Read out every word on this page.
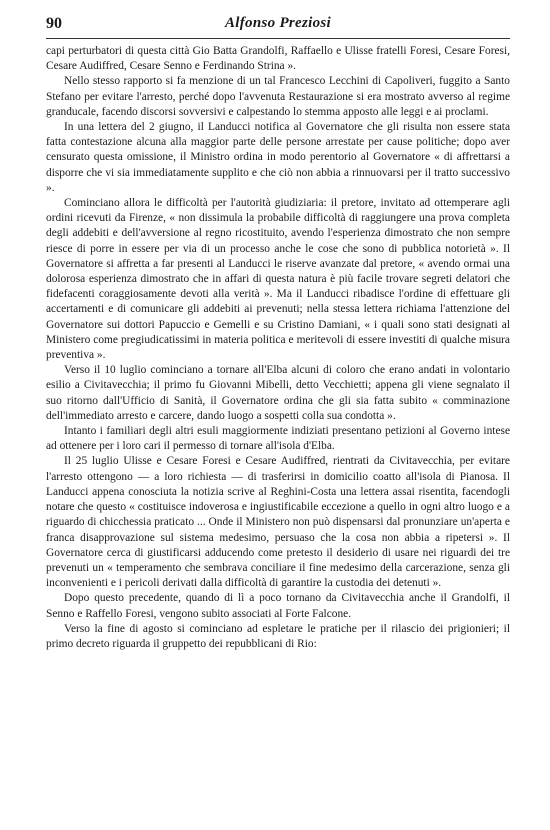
90	Alfonso Preziosi

capi perturbatori di questa città Gio Batta Grandolfi, Raffaello e Ulisse fratelli Foresi, Cesare Foresi, Cesare Audiffred, Cesare Senno e Ferdinando Strina ».

Nello stesso rapporto si fa menzione di un tal Francesco Lecchini di Capoliveri, fuggito a Santo Stefano per evitare l'arresto, perché dopo l'avvenuta Restaurazione si era mostrato avverso al regime granducale, facendo discorsi sovversivi e calpestando lo stemma apposto alle leggi e ai proclami.

In una lettera del 2 giugno, il Landucci notifica al Governatore che gli risulta non essere stata fatta contestazione alcuna alla maggior parte delle persone arrestate per cause politiche; dopo aver censurato questa omissione, il Ministro ordina in modo perentorio al Governatore « di affrettarsi a disporre che vi sia immediatamente supplito e che ciò non abbia a rinnuovarsi per il tratto successivo ».

Cominciano allora le difficoltà per l'autorità giudiziaria: il pretore, invitato ad ottemperare agli ordini ricevuti da Firenze, « non dissimula la probabile difficoltà di raggiungere una prova completa degli addebiti e dell'avversione al regno ricostituito, avendo l'esperienza dimostrato che non sempre riesce di porre in essere per via di un processo anche le cose che sono di pubblica notorietà ». Il Governatore si affretta a far presenti al Landucci le riserve avanzate dal pretore, « avendo ormai una dolorosa esperienza dimostrato che in affari di questa natura è più facile trovare segreti delatori che fidefacenti coraggiosamente devoti alla verità ». Ma il Landucci ribadisce l'ordine di effettuare gli accertamenti e di comunicare gli addebiti ai prevenuti; nella stessa lettera richiama l'attenzione del Governatore sui dottori Papuccio e Gemelli e su Cristino Damiani, « i quali sono stati designati al Ministero come pregiudicatissimi in materia politica e meritevoli di essere investiti di qualche misura preventiva ».

Verso il 10 luglio cominciano a tornare all'Elba alcuni di coloro che erano andati in volontario esilio a Civitavecchia; il primo fu Giovanni Mibelli, detto Vecchietti; appena gli viene segnalato il suo ritorno dall'Ufficio di Sanità, il Governatore ordina che gli sia fatta subito « comminazione dell'immediato arresto e carcere, dando luogo a sospetti colla sua condotta ».

Intanto i familiari degli altri esuli maggiormente indiziati presentano petizioni al Governo intese ad ottenere per i loro cari il permesso di tornare all'isola d'Elba.

Il 25 luglio Ulisse e Cesare Foresi e Cesare Audiffred, rientrati da Civitavecchia, per evitare l'arresto ottengono — a loro richiesta — di trasferirsi in domicilio coatto all'isola di Pianosa. Il Landucci appena conosciuta la notizia scrive al Reghini-Costa una lettera assai risentita, facendogli notare che questo « costituisce indoverosa e ingiustificabile eccezione a quello in ogni altro luogo e a riguardo di chicchessia praticato ... Onde il Ministero non può dispensarsi dal pronunziare un'aperta e franca disapprovazione sul sistema medesimo, persuaso che la cosa non abbia a ripetersi ». Il Governatore cerca di giustificarsi adducendo come pretesto il desiderio di usare nei riguardi dei tre prevenuti un « temperamento che sembrava conciliare il fine medesimo della carcerazione, senza gli inconvenienti e i pericoli derivati dalla difficoltà di garantire la custodia dei detenuti ».

Dopo questo precedente, quando di lì a poco tornano da Civitavecchia anche il Grandolfi, il Senno e Raffello Foresi, vengono subito associati al Forte Falcone.

Verso la fine di agosto si cominciano ad espletare le pratiche per il rilascio dei prigionieri; il primo decreto riguarda il gruppetto dei repubblicani di Rio:
